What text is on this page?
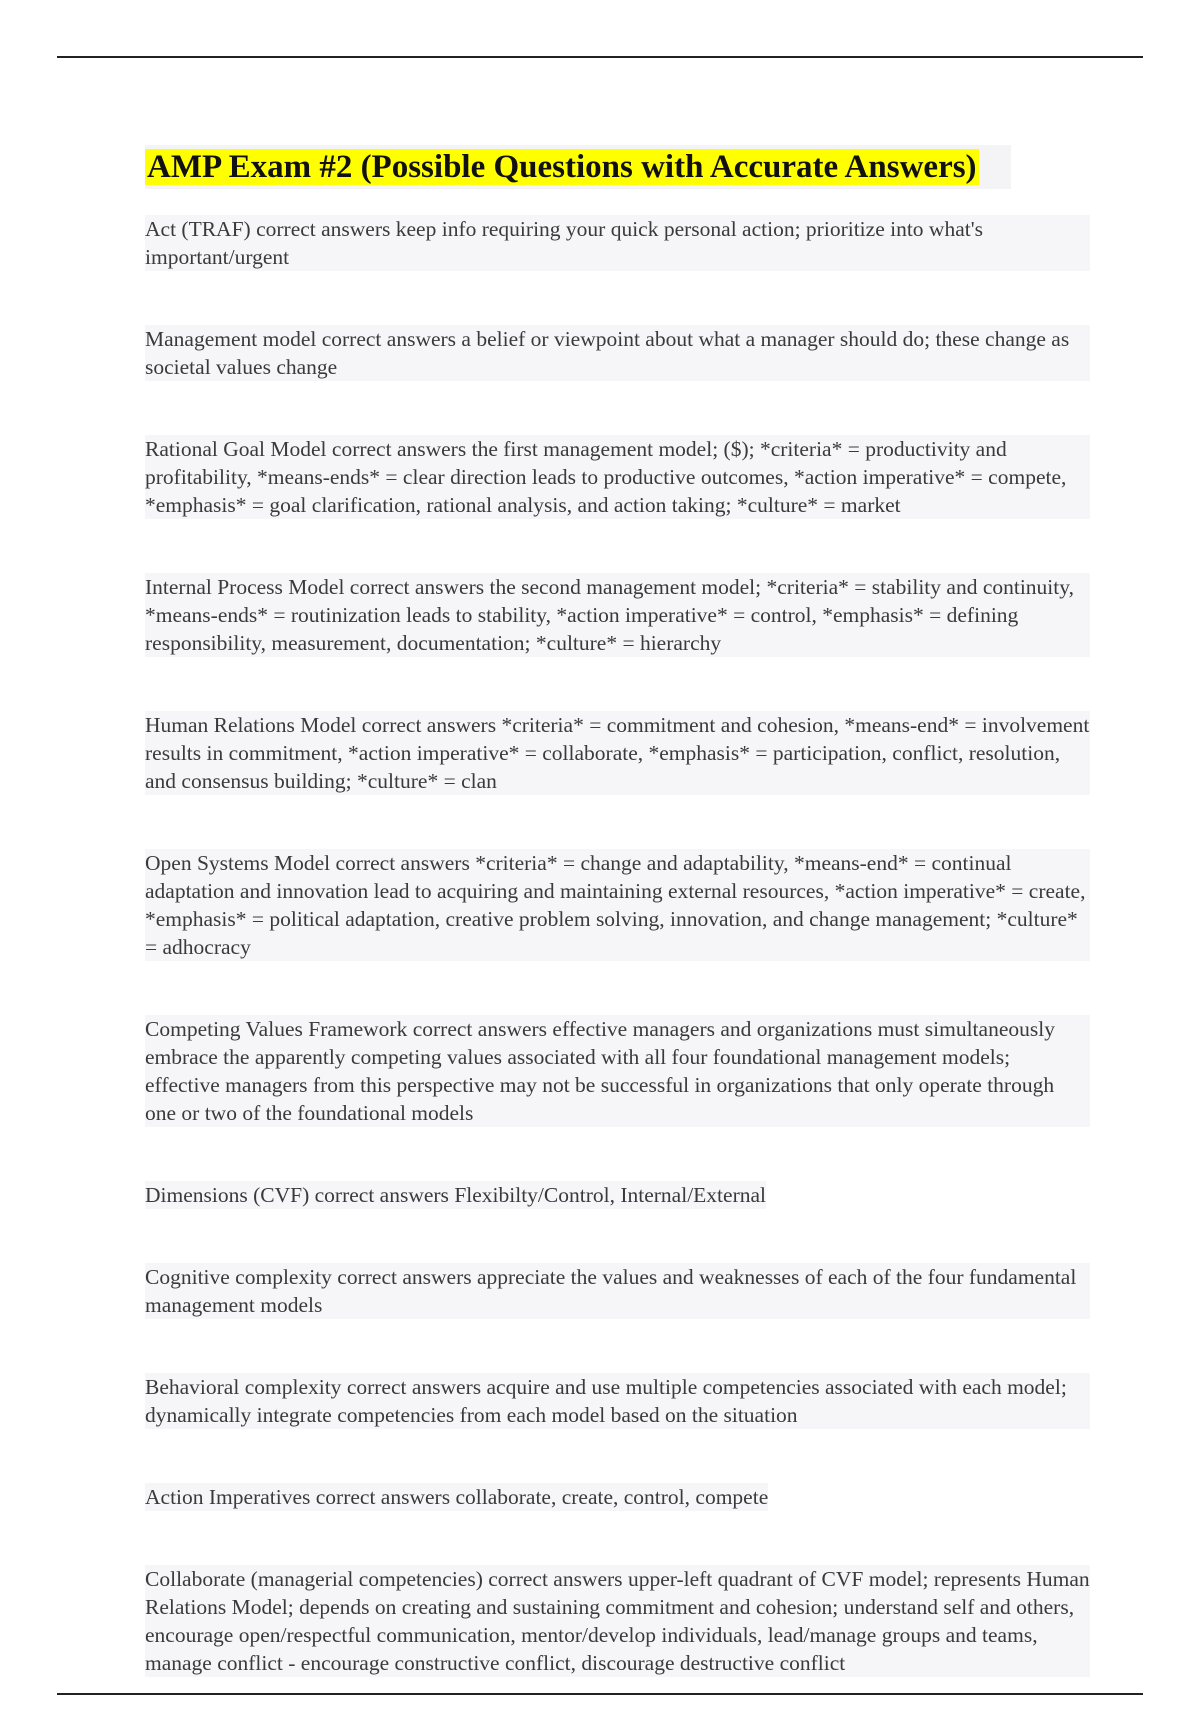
AMP Exam #2 (Possible Questions with Accurate Answers)

Act (TRAF) correct answers keep info requiring your quick personal action; prioritize into what's important/urgent

Management model correct answers a belief or viewpoint about what a manager should do; these change as societal values change

Rational Goal Model correct answers the first management model; ($); *criteria* = productivity and profitability, *means-ends* = clear direction leads to productive outcomes, *action imperative* = compete, *emphasis* = goal clarification, rational analysis, and action taking; *culture* = market

Internal Process Model correct answers the second management model; *criteria* = stability and continuity, *means-ends* = routinization leads to stability, *action imperative* = control, *emphasis* = defining responsibility, measurement, documentation; *culture* = hierarchy

Human Relations Model correct answers *criteria* = commitment and cohesion, *means-end* = involvement results in commitment, *action imperative* = collaborate, *emphasis* = participation, conflict, resolution, and consensus building; *culture* = clan

Open Systems Model correct answers *criteria* = change and adaptability, *means-end* = continual adaptation and innovation lead to acquiring and maintaining external resources, *action imperative* = create, *emphasis* = political adaptation, creative problem solving, innovation, and change management; *culture* = adhocracy

Competing Values Framework correct answers effective managers and organizations must simultaneously embrace the apparently competing values associated with all four foundational management models; effective managers from this perspective may not be successful in organizations that only operate through one or two of the foundational models

Dimensions (CVF) correct answers Flexibilty/Control, Internal/External

Cognitive complexity correct answers appreciate the values and weaknesses of each of the four fundamental management models

Behavioral complexity correct answers acquire and use multiple competencies associated with each model; dynamically integrate competencies from each model based on the situation

Action Imperatives correct answers collaborate, create, control, compete

Collaborate (managerial competencies) correct answers upper-left quadrant of CVF model; represents Human Relations Model; depends on creating and sustaining commitment and cohesion; understand self and others, encourage open/respectful communication, mentor/develop individuals, lead/manage groups and teams, manage conflict - encourage constructive conflict, discourage destructive conflict
